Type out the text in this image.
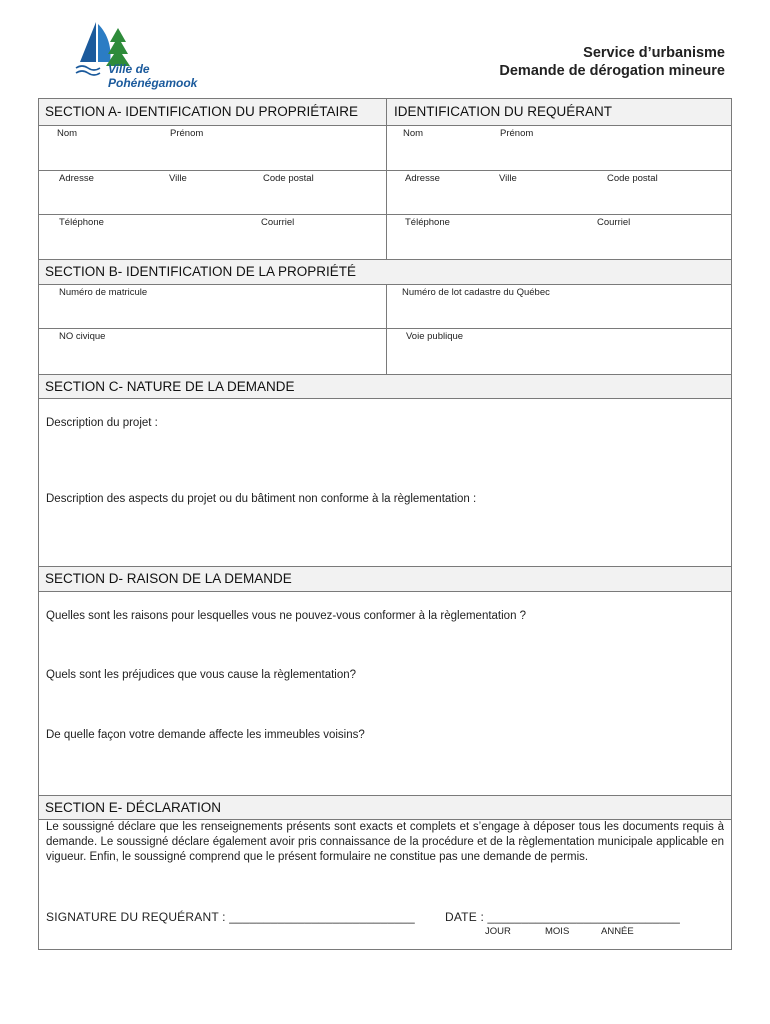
Ville de
Pohénégamook
Service d’urbanisme
Demande de dérogation mineure
SECTION A- IDENTIFICATION DU PROPRIÉTAIRE	IDENTIFICATION DU REQUÉRANT
Nom	Prénom	Nom	Prénom
Adresse	Ville	Code postal	Adresse	Ville	Code postal
Téléphone	Courriel	Téléphone	Courriel
SECTION B- IDENTIFICATION DE LA PROPRIÉTÉ
Numéro de matricule	Numéro de lot cadastre du Québec
NO civique	Voie publique
SECTION C- NATURE DE LA DEMANDE
Description du projet :
Description des aspects du projet ou du bâtiment non conforme à la règlementation :
SECTION D- RAISON DE LA DEMANDE
Quelles sont les raisons pour lesquelles vous ne pouvez-vous conformer à la règlementation ?
Quels sont les préjudices que vous cause la règlementation?
De quelle façon votre demande affecte les immeubles voisins?
SECTION E- DÉCLARATION
Le soussigné déclare que les renseignements présents sont exacts et complets et s’engage à déposer tous les documents requis à demande. Le soussigné déclare également avoir pris connaissance de la procédure et de la règlementation municipale applicable en vigueur. Enfin, le soussigné comprend que le présent formulaire ne constitue pas une demande de permis.
SIGNATURE DU REQUÉRANT : ___________________________	DATE : ____________________________
JOUR	MOIS	ANNÉE
